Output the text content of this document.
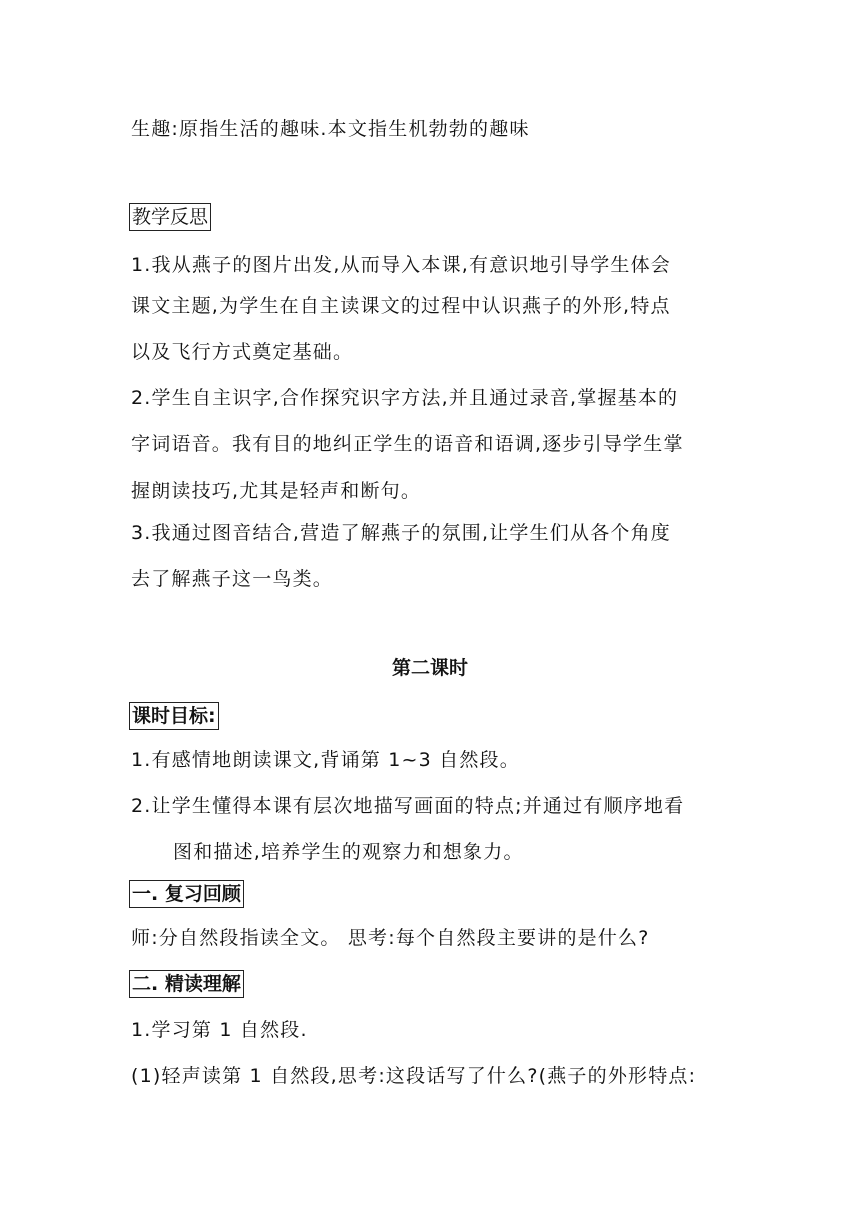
生趣:原指生活的趣味.本文指生机勃勃的趣味
教学反思
1.我从燕子的图片出发,从而导入本课,有意识地引导学生体会
课文主题,为学生在自主读课文的过程中认识燕子的外形,特点
以及飞行方式奠定基础。
2.学生自主识字,合作探究识字方法,并且通过录音,掌握基本的
字词语音。我有目的地纠正学生的语音和语调,逐步引导学生掌
握朗读技巧,尤其是轻声和断句。
3.我通过图音结合,营造了解燕子的氛围,让学生们从各个角度
去了解燕子这一鸟类。
第二课时
课时目标:
1.有感情地朗读课文,背诵第 1~3 自然段。
2.让学生懂得本课有层次地描写画面的特点;并通过有顺序地看
图和描述,培养学生的观察力和想象力。
一. 复习回顾
师:分自然段指读全文。 思考:每个自然段主要讲的是什么?
二. 精读理解
1.学习第 1 自然段.
(1)轻声读第 1 自然段,思考:这段话写了什么?(燕子的外形特点:
